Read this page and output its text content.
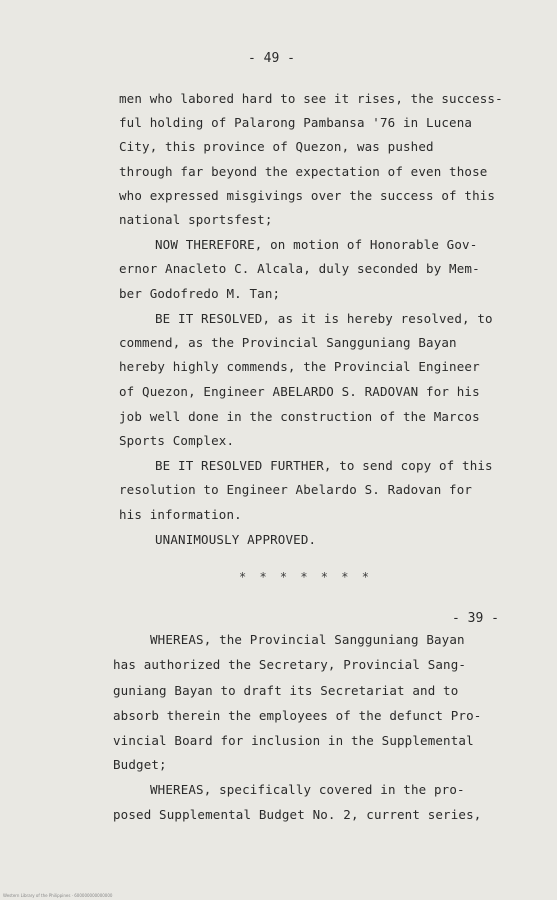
- 49 -
men who labored hard to see it rises, the success-
ful holding of Palarong Pambansa '76 in Lucena
City, this province of Quezon, was pushed
through far beyond the expectation of even those
who expressed misgivings over the success of this
national sportsfest;
NOW THEREFORE, on motion of Honorable Gov-
ernor Anacleto C. Alcala, duly seconded by Mem-
ber Godofredo M. Tan;
BE IT RESOLVED, as it is hereby resolved, to
commend, as the Provincial Sangguniang Bayan
hereby highly commends, the Provincial Engineer
of Quezon, Engineer ABELARDO S. RADOVAN for his
job well done in the construction of the Marcos
Sports Complex.
BE IT RESOLVED FURTHER, to send copy of this
resolution to Engineer Abelardo S. Radovan for
his information.
UNANIMOUSLY APPROVED.
* * * * * * *
- 39 -
WHEREAS, the Provincial Sangguniang Bayan
has authorized the Secretary, Provincial Sang-
guniang Bayan to draft its Secretariat and to
absorb therein the employees of the defunct Pro-
vincial Board for inclusion in the Supplemental
Budget;
WHEREAS, specifically covered in the pro-
posed Supplemental Budget No. 2, current series,
Western Library of the Philippines · 600000000000000
